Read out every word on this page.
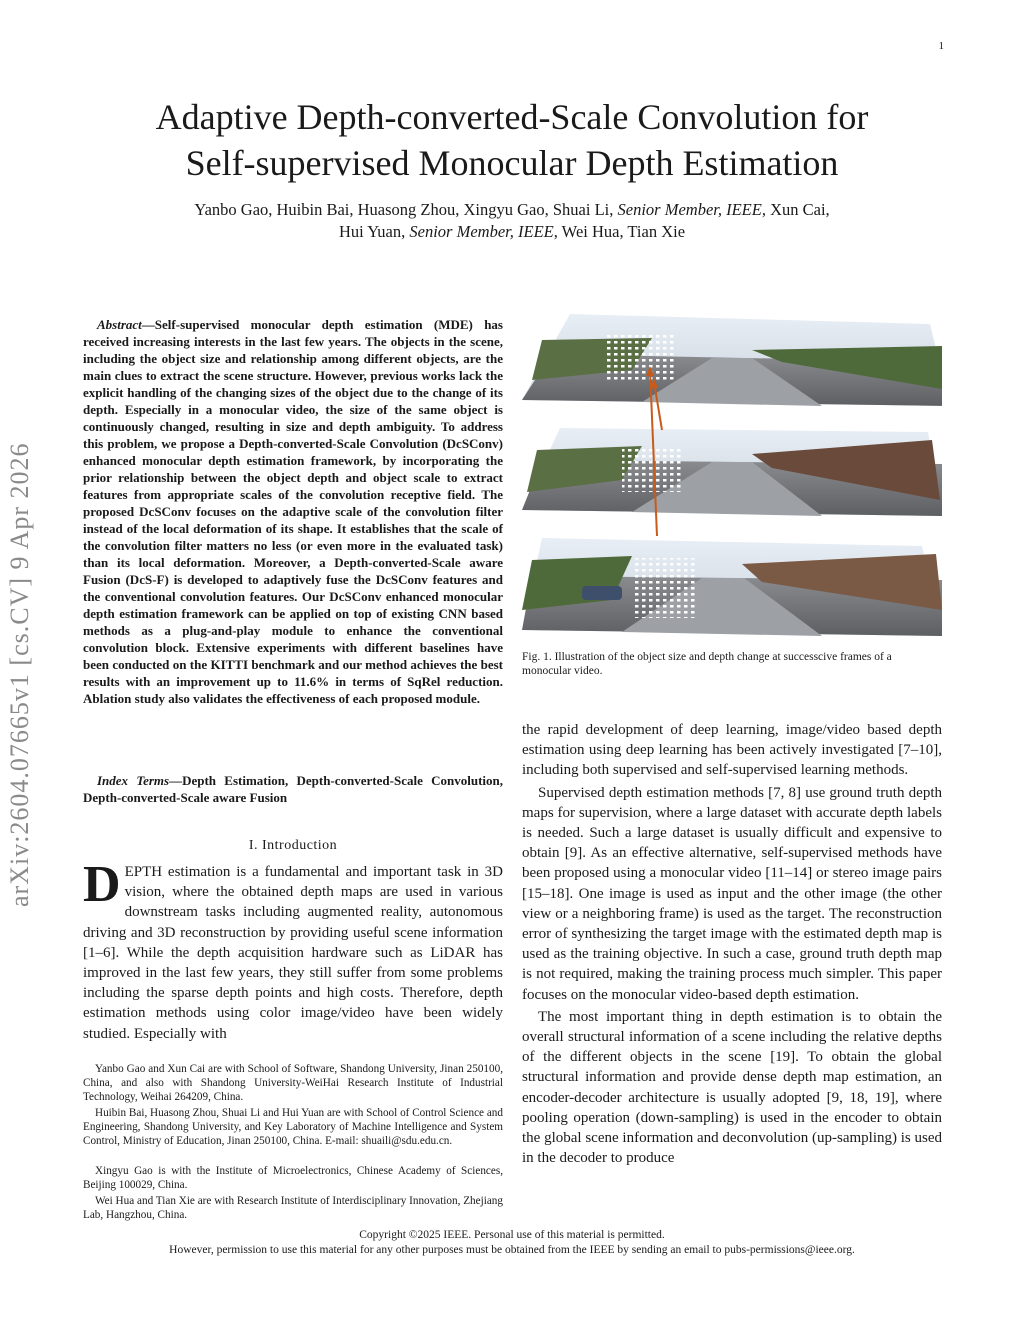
1
Adaptive Depth-converted-Scale Convolution for
Self-supervised Monocular Depth Estimation
Yanbo Gao, Huibin Bai, Huasong Zhou, Xingyu Gao, Shuai Li, Senior Member, IEEE, Xun Cai,
Hui Yuan, Senior Member, IEEE, Wei Hua, Tian Xie
arXiv:2604.07665v1 [cs.CV] 9 Apr 2026

Abstract—Self-supervised monocular depth estimation (MDE) has received increasing interests in the last few years. The objects in the scene, including the object size and relationship among different objects, are the main clues to extract the scene structure. However, previous works lack the explicit handling of the changing sizes of the object due to the change of its depth. Especially in a monocular video, the size of the same object is continuously changed, resulting in size and depth ambiguity. To address this problem, we propose a Depth-converted-Scale Convolution (DcSConv) enhanced monocular depth estimation framework, by incorporating the prior relationship between the object depth and object scale to extract features from appropriate scales of the convolution receptive field. The proposed DcSConv focuses on the adaptive scale of the convolution filter instead of the local deformation of its shape. It establishes that the scale of the convolution filter matters no less (or even more in the evaluated task) than its local deformation. Moreover, a Depth-converted-Scale aware Fusion (DcS-F) is developed to adaptively fuse the DcSConv features and the conventional convolution features. Our DcSConv enhanced monocular depth estimation framework can be applied on top of existing CNN based methods as a plug-and-play module to enhance the conventional convolution block. Extensive experiments with different baselines have been conducted on the KITTI benchmark and our method achieves the best results with an improvement up to 11.6% in terms of SqRel reduction. Ablation study also validates the effectiveness of each proposed module.

Index Terms—Depth Estimation, Depth-converted-Scale Convolution, Depth-converted-Scale aware Fusion

I. Introduction

DEPTH estimation is a fundamental and important task in 3D vision, where the obtained depth maps are used in various downstream tasks including augmented reality, autonomous driving and 3D reconstruction by providing useful scene information [1–6]. While the depth acquisition hardware such as LiDAR has improved in the last few years, they still suffer from some problems including the sparse depth points and high costs. Therefore, depth estimation methods using color image/video have been widely studied. Especially with

Yanbo Gao and Xun Cai are with School of Software, Shandong University, Jinan 250100, China, and also with Shandong University-WeiHai Research Institute of Industrial Technology, Weihai 264209, China.

Huibin Bai, Huasong Zhou, Shuai Li and Hui Yuan are with School of Control Science and Engineering, Shandong University, and Key Laboratory of Machine Intelligence and System Control, Ministry of Education, Jinan 250100, China. E-mail: shuaili@sdu.edu.cn.

Xingyu Gao is with the Institute of Microelectronics, Chinese Academy of Sciences, Beijing 100029, China.

Wei Hua and Tian Xie are with Research Institute of Interdisciplinary Innovation, Zhejiang Lab, Hangzhou, China.

Fig. 1. Illustration of the object size and depth change at successcive frames of a monocular video.

the rapid development of deep learning, image/video based depth estimation using deep learning has been actively investigated [7–10], including both supervised and self-supervised learning methods.

Supervised depth estimation methods [7, 8] use ground truth depth maps for supervision, where a large dataset with accurate depth labels is needed. Such a large dataset is usually difficult and expensive to obtain [9]. As an effective alternative, self-supervised methods have been proposed using a monocular video [11–14] or stereo image pairs [15–18]. One image is used as input and the other image (the other view or a neighboring frame) is used as the target. The reconstruction error of synthesizing the target image with the estimated depth map is used as the training objective. In such a case, ground truth depth map is not required, making the training process much simpler. This paper focuses on the monocular video-based depth estimation.

The most important thing in depth estimation is to obtain the overall structural information of a scene including the relative depths of the different objects in the scene [19]. To obtain the global structural information and provide dense depth map estimation, an encoder-decoder architecture is usually adopted [9, 18, 19], where pooling operation (down-sampling) is used in the encoder to obtain the global scene information and deconvolution (up-sampling) is used in the decoder to produce

Copyright ©2025 IEEE. Personal use of this material is permitted.
However, permission to use this material for any other purposes must be obtained from the IEEE by sending an email to pubs-permissions@ieee.org.
